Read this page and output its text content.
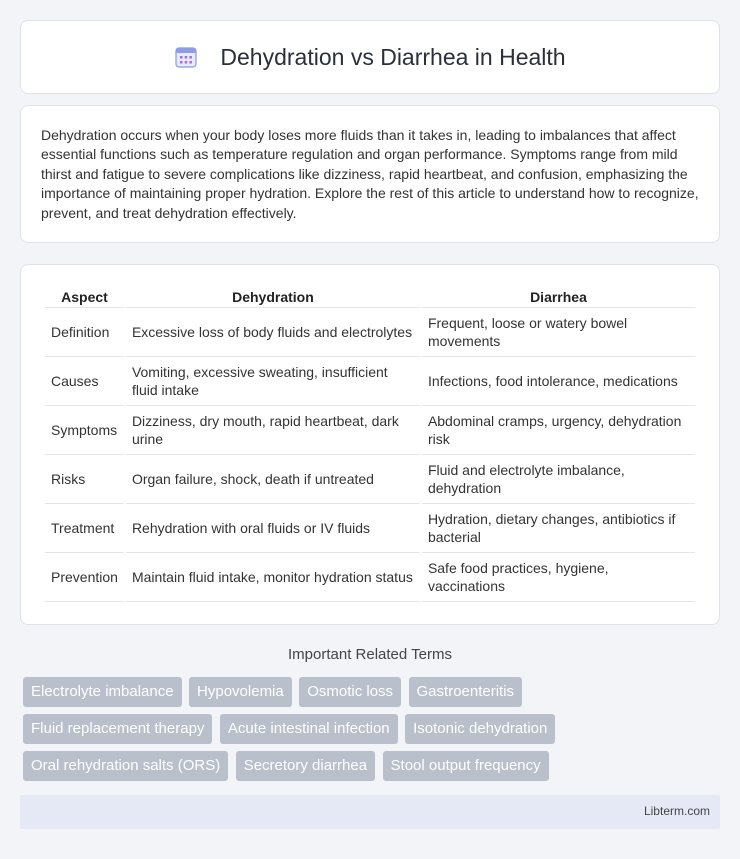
Dehydration vs Diarrhea in Health

Dehydration occurs when your body loses more fluids than it takes in, leading to imbalances that affect essential functions such as temperature regulation and organ performance. Symptoms range from mild thirst and fatigue to severe complications like dizziness, rapid heartbeat, and confusion, emphasizing the importance of maintaining proper hydration. Explore the rest of this article to understand how to recognize, prevent, and treat dehydration effectively.

Aspect	Dehydration	Diarrhea
Definition	Excessive loss of body fluids and electrolytes	Frequent, loose or watery bowel movements
Causes	Vomiting, excessive sweating, insufficient fluid intake	Infections, food intolerance, medications
Symptoms	Dizziness, dry mouth, rapid heartbeat, dark urine	Abdominal cramps, urgency, dehydration risk
Risks	Organ failure, shock, death if untreated	Fluid and electrolyte imbalance, dehydration
Treatment	Rehydration with oral fluids or IV fluids	Hydration, dietary changes, antibiotics if bacterial
Prevention	Maintain fluid intake, monitor hydration status	Safe food practices, hygiene, vaccinations
Important Related Terms
Electrolyte imbalance Hypovolemia Osmotic loss Gastroenteritis
Fluid replacement therapy Acute intestinal infection Isotonic dehydration
Oral rehydration salts (ORS) Secretory diarrhea Stool output frequency
Libterm.com
